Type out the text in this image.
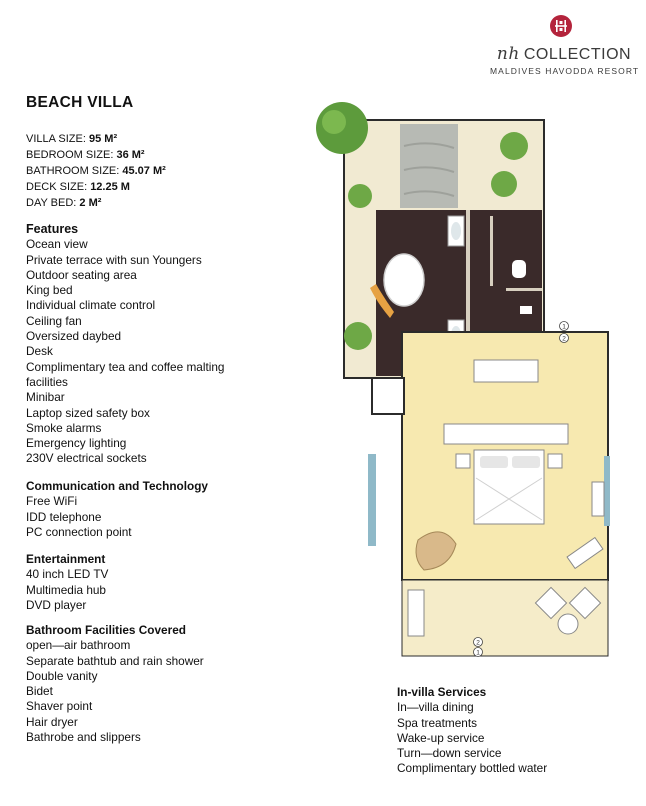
nh COLLECTION
MALDIVES HAVODDA RESORT
BEACH VILLA
VILLA SIZE: 95 M²
BEDROOM SIZE: 36 M²
BATHROOM SIZE: 45.07 M²
DECK SIZE: 12.25 M
DAY BED: 2 M²
Features
Ocean view
Private terrace with sun Youngers
Outdoor seating area
King bed
Individual climate control
Ceiling fan
Oversized daybed
Desk
Complimentary tea and coffee malting
facilities
Minibar
Laptop sized safety box
Smoke alarms
Emergency lighting
230V electrical sockets
Communication and Technology
Free WiFi
IDD telephone
PC connection point
Entertainment
40 inch LED TV
Multimedia hub
DVD player
Bathroom Facilities Covered
open—air bathroom
Separate bathtub and rain shower
Double vanity
Bidet
Shaver point
Hair dryer
Bathrobe and slippers
In-villa Services
In—villa dining
Spa treatments
Wake-up service
Turn—down service
Complimentary bottled water
1
2
2
1
